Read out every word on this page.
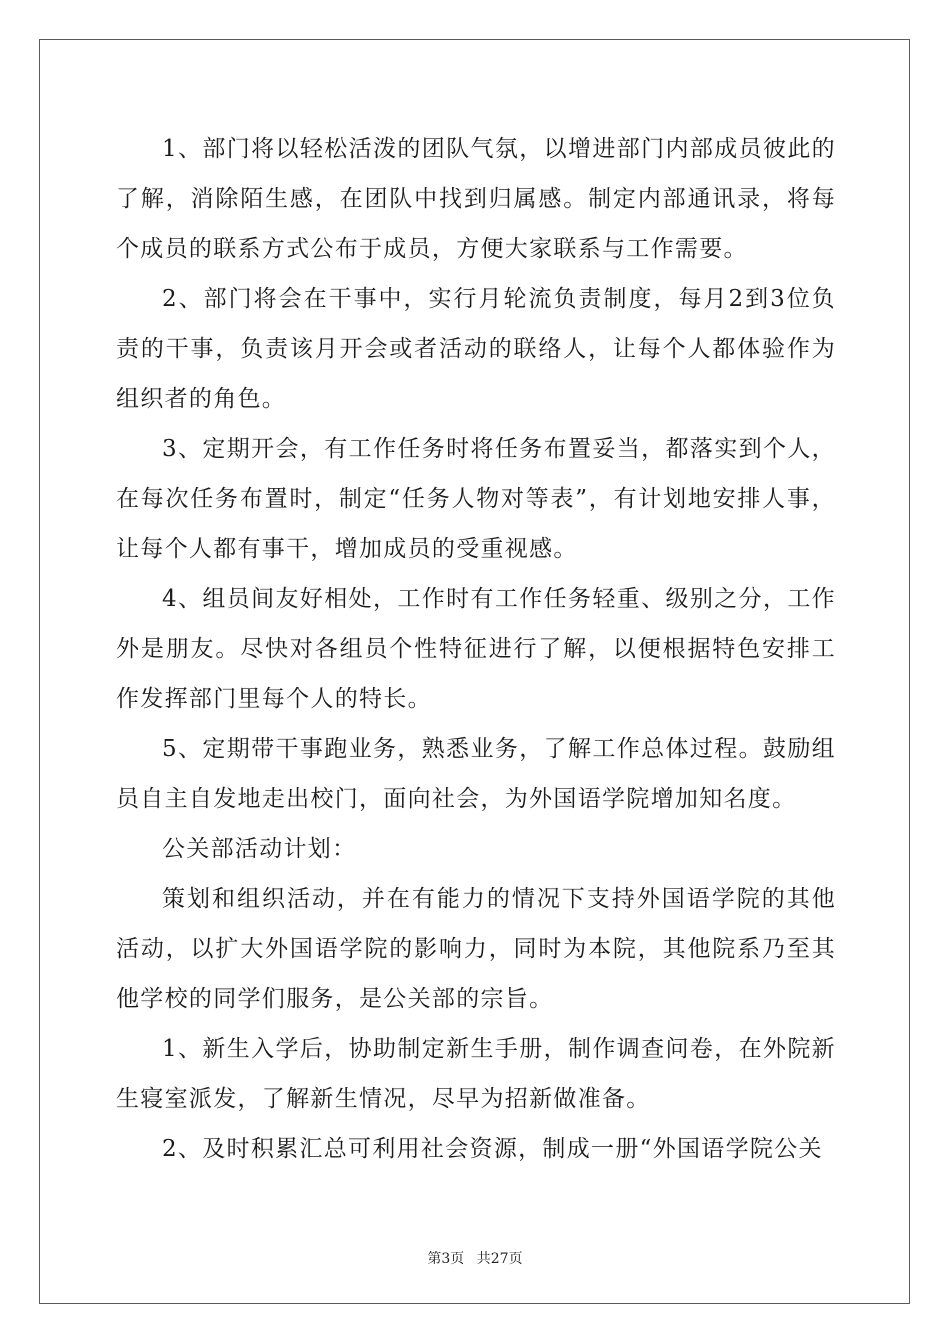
1、部门将以轻松活泼的团队气氛，以增进部门内部成员彼此的了解，消除陌生感，在团队中找到归属感。制定内部通讯录，将每个成员的联系方式公布于成员，方便大家联系与工作需要。

2、部门将会在干事中，实行月轮流负责制度，每月2到3位负责的干事，负责该月开会或者活动的联络人，让每个人都体验作为组织者的角色。

3、定期开会，有工作任务时将任务布置妥当，都落实到个人，在每次任务布置时，制定“任务人物对等表”，有计划地安排人事，让每个人都有事干，增加成员的受重视感。

4、组员间友好相处，工作时有工作任务轻重、级别之分，工作外是朋友。尽快对各组员个性特征进行了解，以便根据特色安排工作发挥部门里每个人的特长。

5、定期带干事跑业务，熟悉业务，了解工作总体过程。鼓励组员自主自发地走出校门，面向社会，为外国语学院增加知名度。

公关部活动计划：

策划和组织活动，并在有能力的情况下支持外国语学院的其他活动，以扩大外国语学院的影响力，同时为本院，其他院系乃至其他学校的同学们服务，是公关部的宗旨。

1、新生入学后，协助制定新生手册，制作调查问卷，在外院新生寝室派发，了解新生情况，尽早为招新做准备。

2、及时积累汇总可利用社会资源，制成一册“外国语学院公关

第3页 共27页
